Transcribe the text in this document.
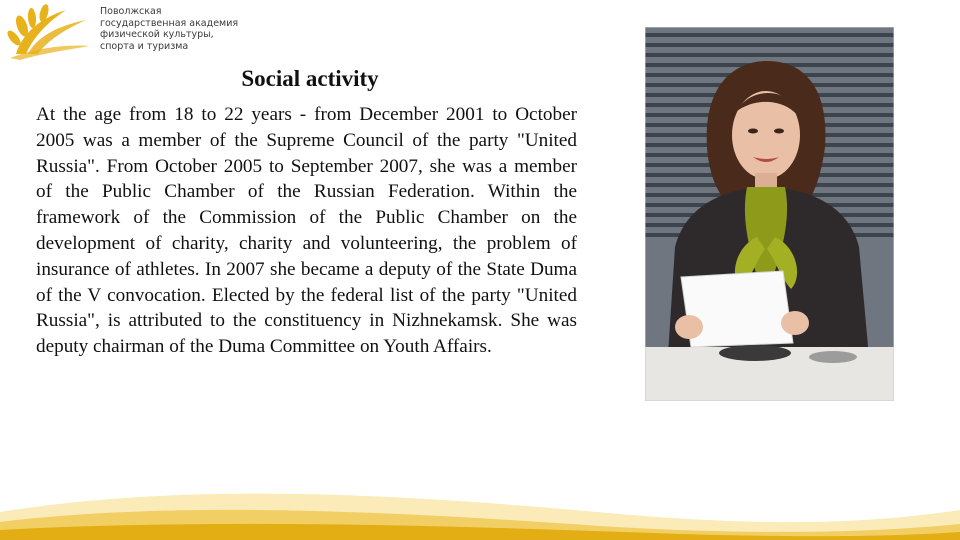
Поволжская
государственная академия
физической культуры,
спорта и туризма
Social activity

At the age from 18 to 22 years - from December 2001 to October 2005 was a member of the Supreme Council of the party "United Russia". From October 2005 to September 2007, she was a member of the Public Chamber of the Russian Federation. Within the framework of the Commission of the Public Chamber on the development of charity, charity and volunteering, the problem of insurance of athletes. In 2007 she became a deputy of the State Duma of the V convocation. Elected by the federal list of the party "United Russia", is attributed to the constituency in Nizhnekamsk. She was deputy chairman of the Duma Committee on Youth Affairs.
